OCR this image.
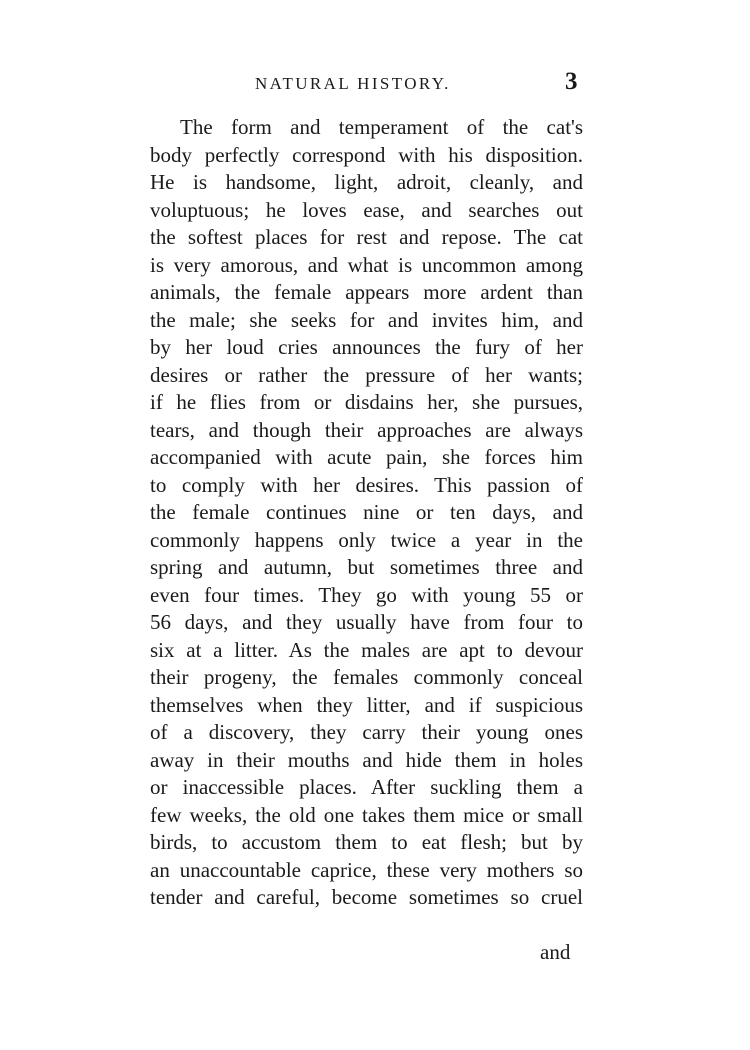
NATURAL HISTORY.	3
The form and temperament of the cat's
body perfectly correspond with his disposition.
He is handsome, light, adroit, cleanly, and
voluptuous; he loves ease, and searches out
the softest places for rest and repose. The cat
is very amorous, and what is uncommon among
animals, the female appears more ardent than
the male; she seeks for and invites him, and
by her loud cries announces the fury of her
desires or rather the pressure of her wants;
if he flies from or disdains her, she pursues,
tears, and though their approaches are always
accompanied with acute pain, she forces him
to comply with her desires. This passion of
the female continues nine or ten days, and
commonly happens only twice a year in the
spring and autumn, but sometimes three and
even four times. They go with young 55 or
56 days, and they usually have from four to
six at a litter. As the males are apt to devour
their progeny, the females commonly conceal
themselves when they litter, and if suspicious
of a discovery, they carry their young ones
away in their mouths and hide them in holes
or inaccessible places. After suckling them a
few weeks, the old one takes them mice or small
birds, to accustom them to eat flesh; but by
an unaccountable caprice, these very mothers so
tender and careful, become sometimes so cruel
and
